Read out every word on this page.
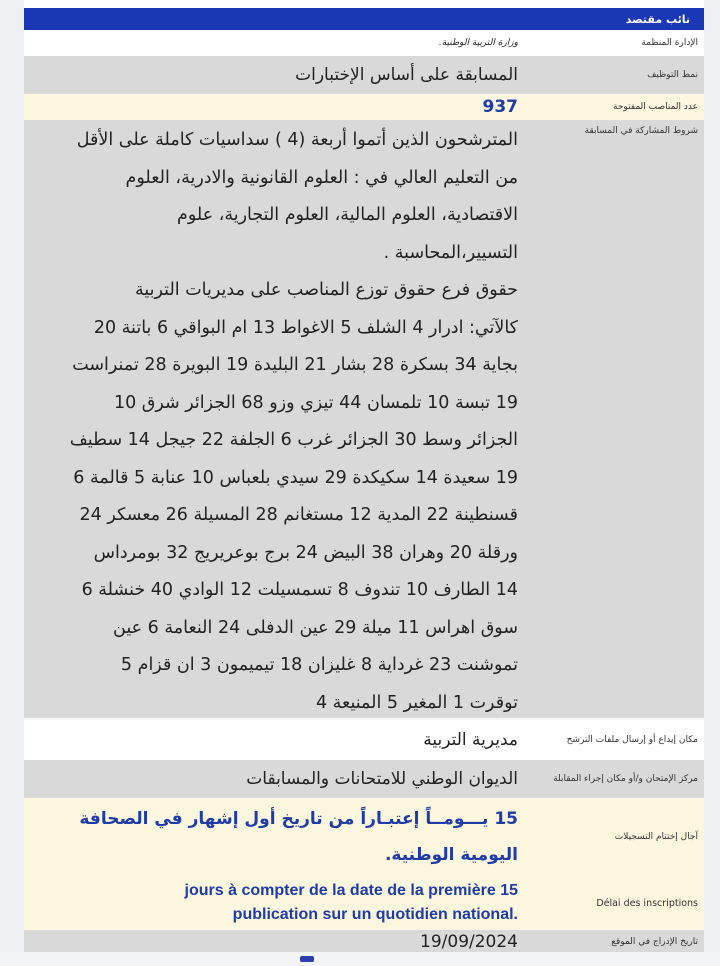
نائب مقتصد
الإدارة المنظمة
وزارة التربية الوطنية.
نمط التوظيف
المسابقة على أساس الإختبارات
عدد المناصب المفتوحة
937
شروط المشاركة في المسابقة
المترشحون الذين أتموا أربعة (4 ) سداسيات كاملة على الأقل
من التعليم العالي في : العلوم القانونية والادرية، العلوم
الاقتصادية، العلوم المالية، العلوم التجارية، علوم
التسيير،المحاسبة .
حقوق فرع حقوق توزع المناصب على مديريات التربية
كالآتي: ادرار 4 الشلف 5 الاغواط 13 ام البواقي 6 باتنة 20
بجاية 34 بسكرة 28 بشار 21 البليدة 19 البويرة 28 تمنراست
19 تبسة 10 تلمسان 44 تيزي وزو 68 الجزائر شرق 10
الجزائر وسط 30 الجزائر غرب 6 الجلفة 22 جيجل 14 سطيف
19 سعيدة 14 سكيكدة 29 سيدي بلعباس 10 عنابة 5 قالمة 6
قسنطينة 22 المدية 12 مستغانم 28 المسيلة 26 معسكر 24
ورقلة 20 وهران 38 البيض 24 برج بوعريريج 32 بومرداس
14 الطارف 10 تندوف 8 تسمسيلت 12 الوادي 40 خنشلة 6
سوق اهراس 11 ميلة 29 عين الدفلى 24 النعامة 6 عين
تموشنت 23 غرداية 8 غليزان 18 تيميمون 3 ان قزام 5
توقرت 1 المغير 5 المنيعة 4
مكان إيداع أو إرسال ملفات الترشح
مديرية التربية
مركز الإمتحان و/أو مكان إجراء المقابلة
الديوان الوطني للامتحانات والمسابقات
آجال إختتام التسجيلات
15 يـــومــاً إعتبـاراً من تاريخ أول إشهار في الصحافة
اليومية الوطنية.
Délai des inscriptions
jours à compter de la date de la première 15
.publication sur un quotidien national
تاريخ الإدراج في الموقع
19/09/2024
